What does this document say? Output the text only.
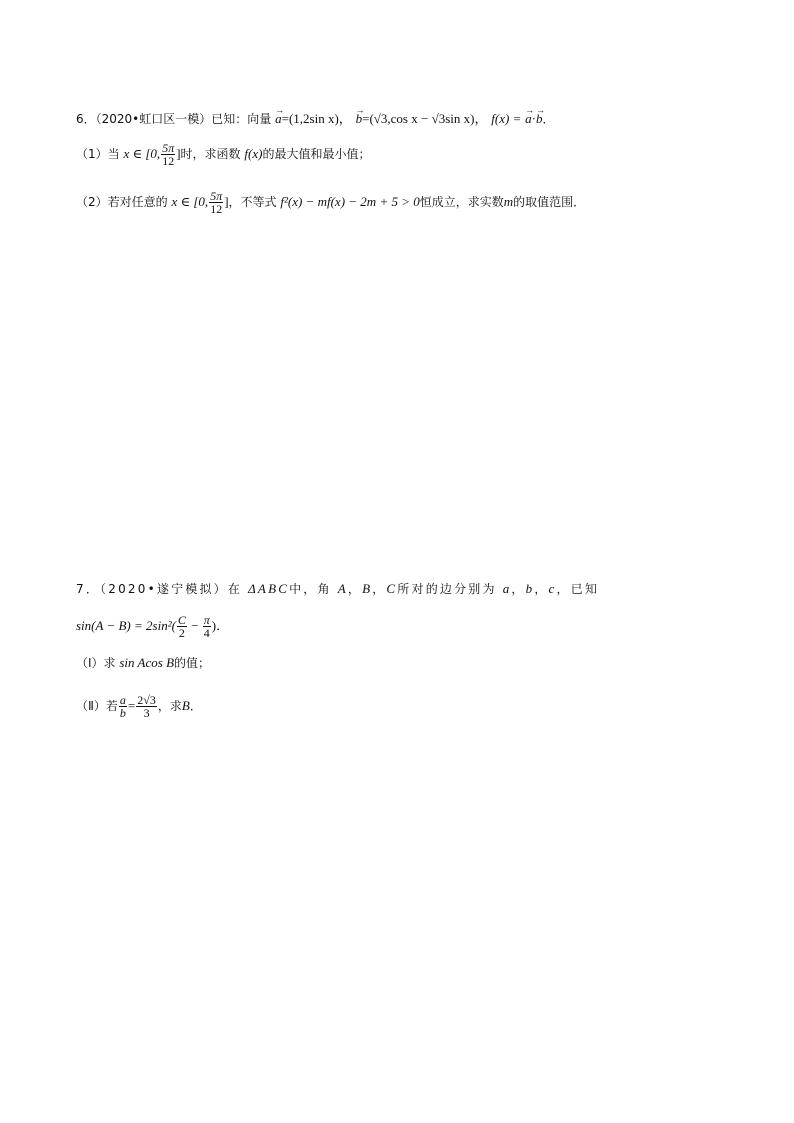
6．（2020•虹口区一模）已知：向量 → a=(1,2sin x)， → b=(√3,cos x − √3sin x)， f(x) = → a·→ b．
（1）当 x ∈ [0, $\frac{5\pi}{12}$ ]时，求函数 f(x)的最大值和最小值；
（2）若对任意的 x ∈ [0, $\frac{5\pi}{12}$ ]，不等式 f²(x) − mf(x) − 2m + 5 > 0恒成立，求实数m的取值范围．
7．（2020•遂宁模拟）在 ΔABC中，角 A，B，C所对的边分别为 a，b，c，已知
$\sin(A - B) = 2\sin^2( \frac{C}{2} - \frac{\pi}{4}$ )．
（Ⅰ）求 sin Acos B的值；
（Ⅱ）若 $\frac{a}{b} = \frac{2√3}{3}$ ，求B．
